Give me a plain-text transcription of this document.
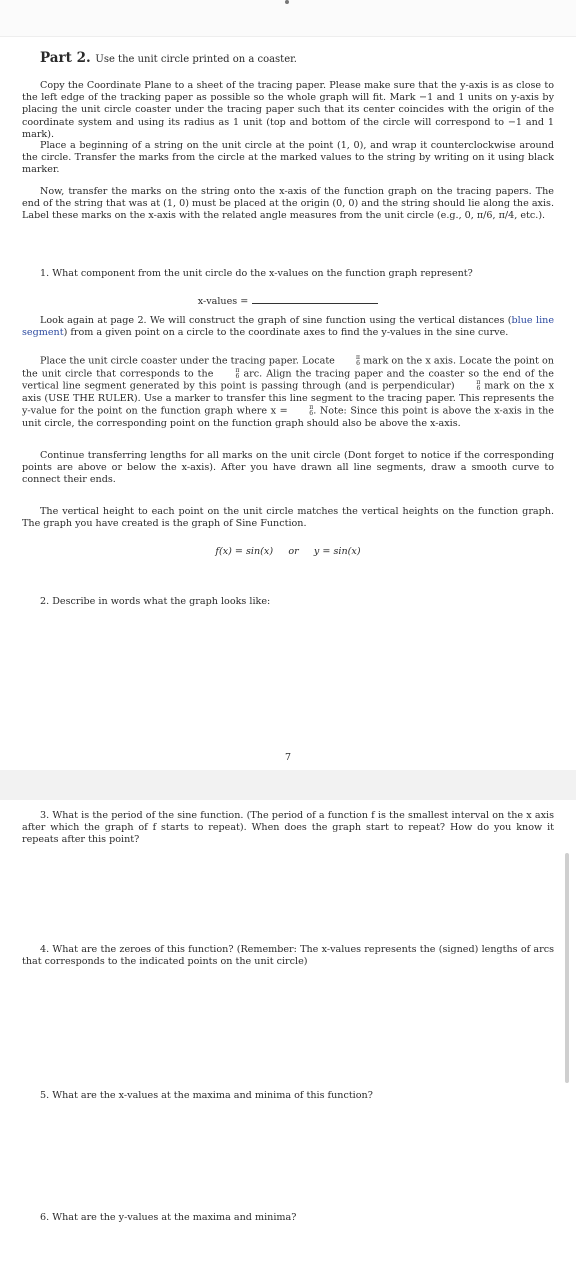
Part 2. Use the unit circle printed on a coaster.

Copy the Coordinate Plane to a sheet of the tracing paper. Please make sure that the y-axis is as close to the left edge of the tracking paper as possible so the whole graph will fit. Mark −1 and 1 units on y-axis by placing the unit circle coaster under the tracing paper such that its center coincides with the origin of the coordinate system and using its radius as 1 unit (top and bottom of the circle will correspond to −1 and 1 mark).

Place a beginning of a string on the unit circle at the point (1, 0), and wrap it counterclockwise around the circle. Transfer the marks from the circle at the marked values to the string by writing on it using black marker.

Now, transfer the marks on the string onto the x-axis of the function graph on the tracing papers. The end of the string that was at (1, 0) must be placed at the origin (0, 0) and the string should lie along the axis. Label these marks on the x-axis with the related angle measures from the unit circle (e.g., 0, π/6, π/4, etc.).

1. What component from the unit circle do the x-values on the function graph represent?

x-values =

Look again at page 2. We will construct the graph of sine function using the vertical distances (blue line segment) from a given point on a circle to the coordinate axes to find the y-values in the sine curve.

Place the unit circle coaster under the tracing paper. Locate	π
6 mark on the x axis. Locate the point on the unit circle that corresponds to the	π
6 arc. Align the tracing paper and the coaster so the end of the vertical line segment generated by this point is passing through (and is perpendicular)	π
6 mark on the x axis (USE THE RULER). Use a marker to transfer this line segment to the tracing paper. This represents the y-value for the point on the function graph where x =	π
6 . Note: Since this point is above the x-axis in the unit circle, the corresponding point on the function graph should also be above the x-axis.

Continue transferring lengths for all marks on the unit circle (Dont forget to notice if the corresponding points are above or below the x-axis). After you have drawn all line segments, draw a smooth curve to connect their ends.

The vertical height to each point on the unit circle matches the vertical heights on the function graph. The graph you have created is the graph of Sine Function.

f(x) = sin(x)     or     y = sin(x)

2. Describe in words what the graph looks like:

7

3. What is the period of the sine function. (The period of a function f is the smallest interval on the x axis after which the graph of f starts to repeat). When does the graph start to repeat? How do you know it repeats after this point?

4. What are the zeroes of this function? (Remember: The x-values represents the (signed) lengths of arcs that corresponds to the indicated points on the unit circle)

5. What are the x-values at the maxima and minima of this function?

6. What are the y-values at the maxima and minima?
